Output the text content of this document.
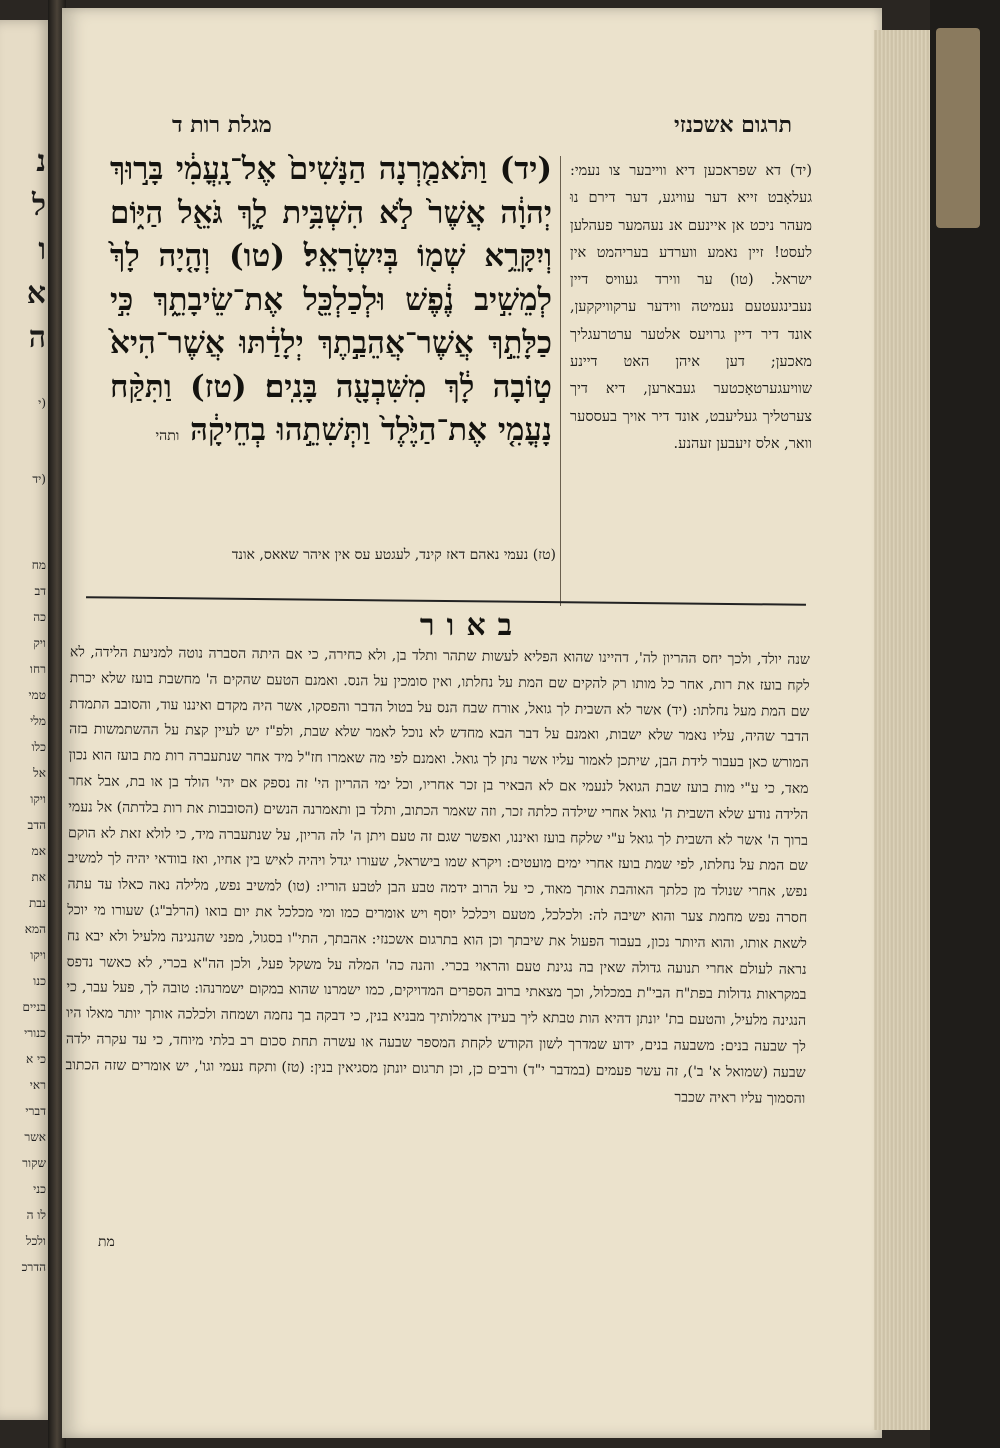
נ
ל
ו
א
ה
(י
(יד
מח
דב
כה
ויק
רחו
טמי
מלי
כלו
אל
ויקו
הדב
אמ
את
נבת
המא
ויקו
כנו
בניים
כנורי
כי א
ראי
דברי
אשר
שקור
כני
לו ה
ולכל
הדרכ
מגלת רות ד	תרגום אשכנזי
(יד) וַתֹּאמַ֤רְנָה הַנָּשִׁים֙ אֶל־נָֽעֳמִ֔י בָּר֣וּךְ יְהוָ֔ה אֲשֶׁר֙ לֹ֣א הִשְׁבִּ֥ית לָ֛ךְ גֹּאֵ֖ל הַיּ֑וֹם וְיִקָּרֵ֥א שְׁמ֖וֹ בְּיִשְׂרָאֵֽל׃ (טו) וְהָ֤יָה לָךְ֙ לְמֵשִׁ֣יב נֶ֔פֶשׁ וּלְכַלְכֵּ֖ל אֶת־שֵׂיבָתֵ֑ךְ כִּ֣י כַלָּתֵ֣ךְ אֲשֶׁר־אֲהֵבַ֣תֶךְ יְלָדַ֔תּוּ אֲשֶׁר־הִיא֙ ט֣וֹבָה לָ֔ךְ מִשִּׁבְעָ֖ה בָּנִֽים׃ (טז) וַתִּקַּ֨ח נָעֳמִ֤י אֶת־הַיֶּ֙לֶד֙ וַתְּשִׁתֵ֣הוּ בְחֵיקָ֔הּ ותהי
(טז) נעמי נאהם דאז קינד, לעגטע עס אין איהר שאאס, אונד
(יד) דא שפראכען דיא ווייבער צו נעמי: געלאָבט זייא דער עוויגע, דער דירם נוּ מעהר ניכט אן איינעם אנ נעהמער פעהלען לעסט! זיין נאמע ווערדע בעריהמט אין ישראל. (טו) ער ווירד געוויס דיין נעבינגעטעם נעמיטה ווידער ערקוויקקען, אונד דיר דיין גרויעס אלטער ערטרעגליך מאכען; דען איהן האט דיינע שוויעגערטאָכטער געבארען, דיא דיך צערטליך געליעבט, אונד דיר אויך בעססער וואר, אלס זיעבען זעהנע.
באור
שנה יולד, ולכך יחס ההריון לה', דהיינו שהוא הפליא לעשות שתהר ותלד בן, ולא כחירה, כי אם היתה הסברה נוטה למניעת הלידה, לא לקח בועז את רות, אחר כל מותו רק להקים שם המת על נחלתו, ואין סומכין על הנס. ואמנם הטעם שהקים ה' מחשבת בועז שלא יכרת שם המת מעל נחלתו: (יד) אשר לא השבית לך גואל, אורח שבח הנס על בטול הדבר והפסקו, אשר היה מקדם ואיננו עוד, והסובב התמדת הדבר שהיה, עליו נאמר שלא ישבות, ואמנם על דבר הבא מחדש לא נוכל לאמר שלא שבת, ולפ"ז יש לעיין קצת על ההשתמשות בזה המורש כאן בעבור לידת הבן, שיתכן לאמור עליו אשר נתן לך גואל. ואמנם לפי מה שאמרו חז"ל מיד אחר שנתעברה רות מת בועז הוא נכון מאד, כי ע"י מות בועז שבת הגואל לנעמי אם לא הבאיר בן זכר אחריו, וכל ימי ההריון הי' זה נספק אם יהי' הולד בן או בת, אבל אחר הלידה נודע שלא השבית ה' גואל אחרי שילדה כלתה זכר, וזה שאמר הכתוב, ותלד בן ותאמרנה הנשים (הסובבות את רות בלדתה) אל נעמי ברוך ה' אשר לא השבית לך גואל ע"י שלקח בועז ואיננו, ואפשר שגם זה טעם ויתן ה' לה הריון, על שנתעברה מיד, כי לולא זאת לא הוקם שם המת על נחלתו, לפי שמת בועז אחרי ימים מועטים: ויקרא שמו בישראל, שעורו יגדל ויהיה לאיש בין אחיו, ואז בוודאי יהיה לך למשיב נפש, אחרי שנולד מן כלתך האוהבת אותך מאוד, כי על הרוב ידמה טבע הבן לטבע הוריו: (טו) למשיב נפש, מלילה נאה כאלו עד עתה חסרה נפש מחמת צער והוא ישיבה לה: ולכלכל, מטעם ויכלכל יוסף ויש אומרים כמו ומי מכלכל את יום בואו (הרלב"ג) שעורו מי יוכל לשאת אותו, והוא היותר נכון, בעבור הפעול את שיבתך וכן הוא בתרגום אשכנזי: אהבתך, התי"ו בסגול, מפני שהנגינה מלעיל ולא יבא נח נראה לעולם אחרי תנועה גדולה שאין בה נגינת טעם והראוי בכרי. והנה כה' המלה על משקל פעל, ולכן הה"א בכרי, לא כאשר נדפס במקראות גדולות בפת"ח הבי"ת במכלול, וכך מצאתי ברוב הספרים המדויקים, כמו ישמרנו שהוא במקום ישמרנהו: טובה לך, פעל עבר, כי הנגינה מלעיל, והטעם בת' יונתן דהיא הות טבתא ליך בעידן ארמלותיך מבניא בנין, כי דבקה בך נחמה ושמחה ולכלכה אותך יותר מאלו היו לך שבעה בנים: משבעה בנים, ידוע שמדרך לשון הקודש לקחת המספר שבעה או עשרה תחת סכום רב בלתי מיוחד, כי עד עקרה ילדה שבעה (שמואל א' ב'), זה עשר פעמים (במדבר י"ד) ורבים כן, וכן תרגום יונתן מסגיאין בנין: (טז) ותקח נעמי וגו', יש אומרים שזה הכתוב והסמוך עליו ראיה שכבר
מת
